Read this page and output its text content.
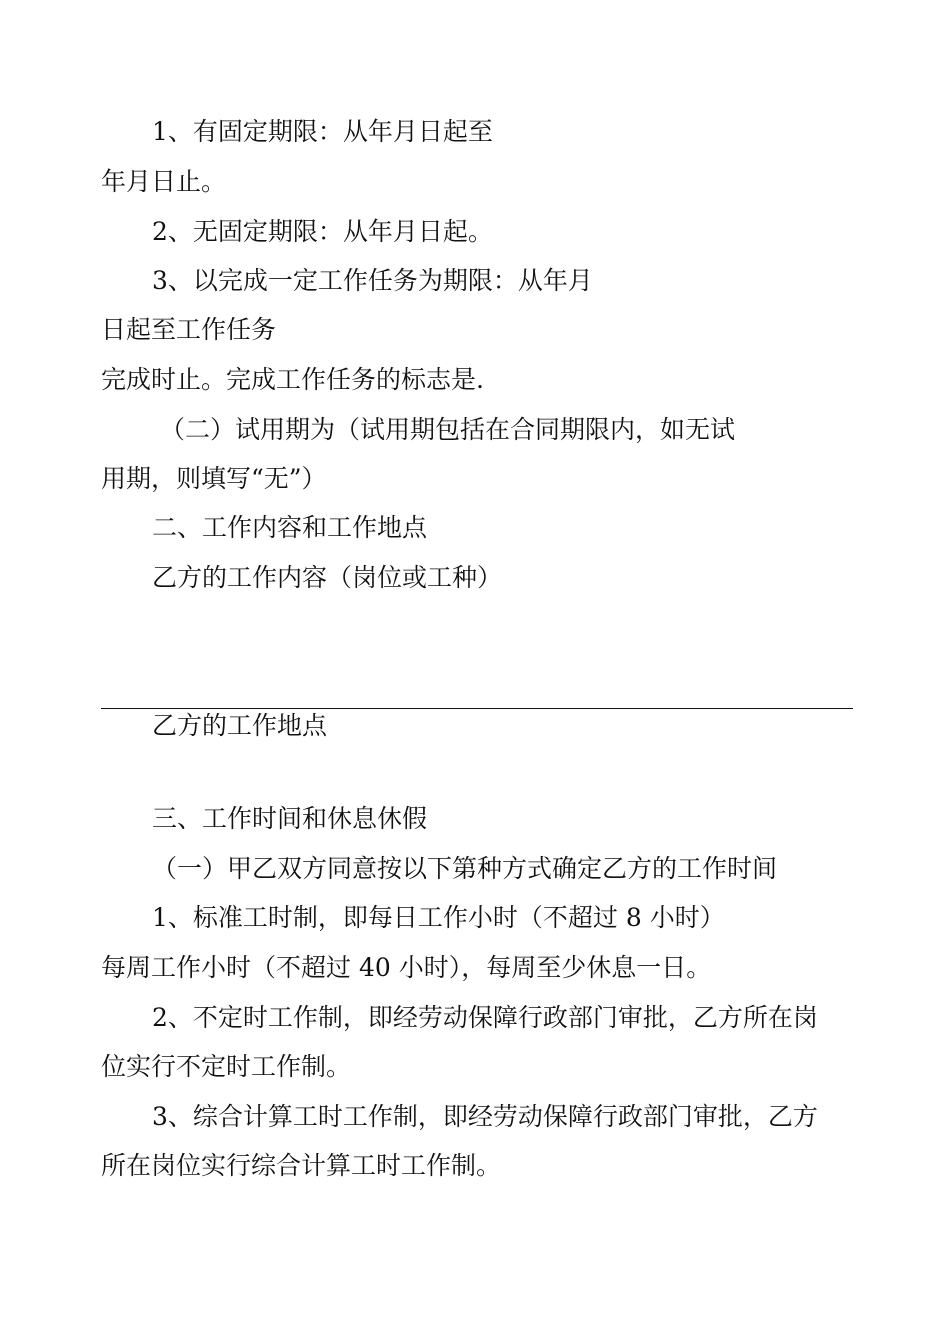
1、有固定期限：从年月日起至

年月日止。

2、无固定期限：从年月日起。

3、以完成一定工作任务为期限：从年月

日起至工作任务

完成时止。完成工作任务的标志是.

（二）试用期为（试用期包括在合同期限内，如无试

用期，则填写“无”）

二、工作内容和工作地点

乙方的工作内容（岗位或工种）

乙方的工作地点

三、工作时间和休息休假

（一）甲乙双方同意按以下第种方式确定乙方的工作时间

1、标准工时制，即每日工作小时（不超过 8 小时）

每周工作小时（不超过 40 小时），每周至少休息一日。

2、不定时工作制，即经劳动保障行政部门审批，乙方所在岗

位实行不定时工作制。

3、综合计算工时工作制，即经劳动保障行政部门审批，乙方

所在岗位实行综合计算工时工作制。
